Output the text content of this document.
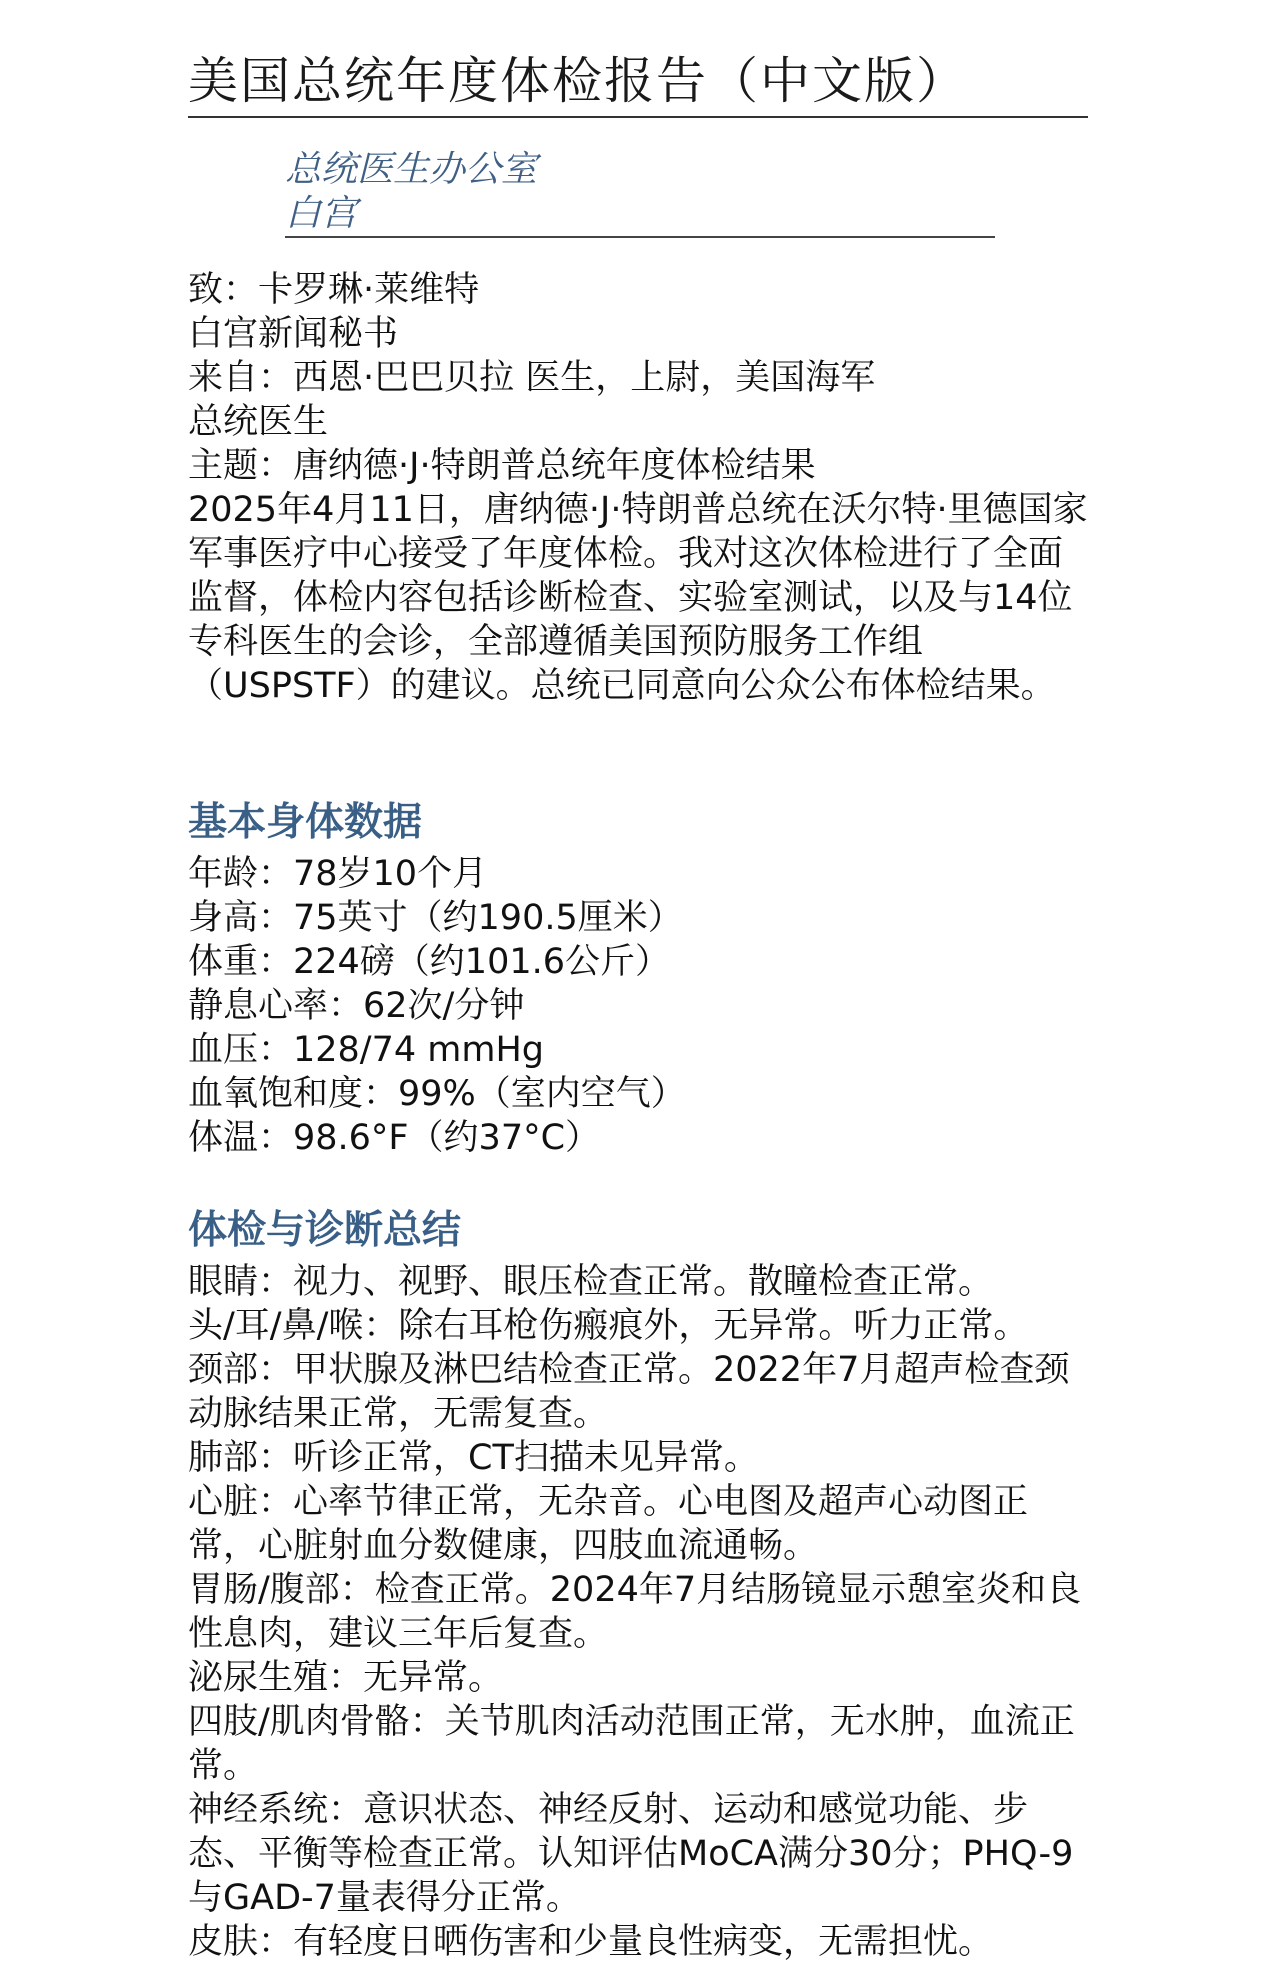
美国总统年度体检报告（中文版）
总统医生办公室
白宫
致：卡罗琳·莱维特
白宫新闻秘书
来自：西恩·巴巴贝拉 医生，上尉，美国海军
总统医生
主题：唐纳德·J·特朗普总统年度体检结果
2025年4月11日，唐纳德·J·特朗普总统在沃尔特·里德国家军事医疗中心接受了年度体检。我对这次体检进行了全面监督，体检内容包括诊断检查、实验室测试，以及与14位专科医生的会诊，全部遵循美国预防服务工作组（USPSTF）的建议。总统已同意向公众公布体检结果。
基本身体数据
年龄：78岁10个月
身高：75英寸（约190.5厘米）
体重：224磅（约101.6公斤）
静息心率：62次/分钟
血压：128/74 mmHg
血氧饱和度：99%（室内空气）
体温：98.6°F（约37°C）
体检与诊断总结
眼睛：视力、视野、眼压检查正常。散瞳检查正常。
头/耳/鼻/喉：除右耳枪伤瘢痕外，无异常。听力正常。
颈部：甲状腺及淋巴结检查正常。2022年7月超声检查颈动脉结果正常，无需复查。
肺部：听诊正常，CT扫描未见异常。
心脏：心率节律正常，无杂音。心电图及超声心动图正常，心脏射血分数健康，四肢血流通畅。
胃肠/腹部：检查正常。2024年7月结肠镜显示憩室炎和良性息肉，建议三年后复查。
泌尿生殖：无异常。
四肢/肌肉骨骼：关节肌肉活动范围正常，无水肿，血流正常。
神经系统：意识状态、神经反射、运动和感觉功能、步态、平衡等检查正常。认知评估MoCA满分30分；PHQ-9与GAD-7量表得分正常。
皮肤：有轻度日晒伤害和少量良性病变，无需担忧。
